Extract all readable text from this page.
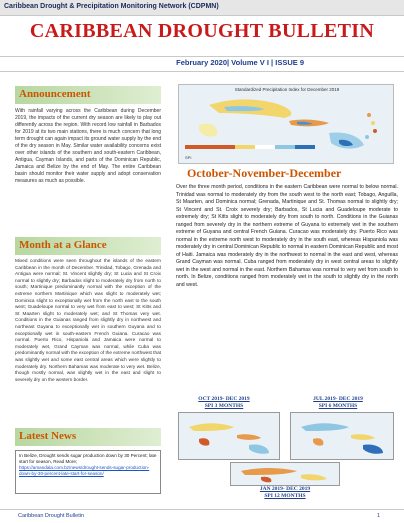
Caribbean Drought & Precipitation Monitoring Network (CDPMN)
CARIBBEAN DROUGHT BULLETIN
February 2020| Volume V I | ISSUE 9
Announcement
With rainfall varying across the Caribbean during December 2019, the impacts of the current dry season are likely to play out differently across the region. With record low rainfall in Barbados for 2019 at its two main stations, there is much concern that long term drought can again impact its ground water supply by the end of the dry season in May. Similar water availability concerns exist over other islands of the southern and south-eastern Caribbean, Antigua, Cayman Islands, and parts of the Dominican Republic, Jamaica and Belize by the end of May. The entire Caribbean basin should monitor their water supply and adopt conservation measures as much as possible.
Month at a Glance
Mixed conditions were seen throughout the islands of the eastern Caribbean in the month of December. Trinidad, Tobago, Grenada and Antigua were normal; St. Vincent slightly dry; St Lucia and St Croix normal to slightly dry; Barbados slight to moderately dry from north to south; Martinique predominantly normal with the exception of the extreme northern Martinique which was slight to moderately wet; Dominica slight to exceptionally wet from the north east to the south west; Guadeloupe normal to very wet from east to west; St Kitts and St Maarten slight to moderately wet; and St Thomas very wet. Conditions in the Guianas ranged from slightly dry in northwest and northeast Guyana to exceptionally wet in southern Guyana and to exceptionally wet in south-eastern French Guiana. Curacao was normal. Puerto Rico, Hispaniola and Jamaica were normal to moderately wet, Grand Cayman was normal, while Cuba was predominantly normal with the exception of the extreme northwest that was slightly wet and some east central areas which were slightly to moderately dry. Northern Bahamas was moderate to very wet. Belize, though mostly normal, was slightly wet in the east and slight to severely dry on the western border.
Latest News
In Belize, Drought sends sugar production down by 30 Percent; late start for season, Read More; https://amandala.com.bz/news/drought-sends-sugar-production-down-by-30-percent-late-start-for-season/
Standardized Precipitation Index for December 2019
SPI
October-November-December
Over the three month period, conditions in the eastern Caribbean were normal to below normal. Trinidad was normal to moderately dry from the south west to the north east; Tobago, Anguilla, St Maarten, and Dominica normal; Grenada, Martinique and St. Thomas normal to slightly dry; St Vincent and St. Croix severely dry; Barbados, St Lucia and Guadeloupe moderate to extremely dry; St Kitts slight to moderately dry from south to north. Conditions in the Guianas ranged from severely dry in the northern extreme of Guyana to extremely wet in the southern extreme of Guyana and central French Guiana. Curacao was moderately dry. Puerto Rico was normal in the extreme north west to moderately dry in the south east, whereas Hispaniola was moderately dry in central Dominican Republic to normal in eastern Dominican Republic and most of Haiti. Jamaica was moderately dry in the northwest to normal in the east and west, whereas Grand Cayman was normal. Cuba ranged from moderately dry in west central areas to slightly wet in the west and normal in the east. Northern Bahamas was normal to very wet from south to north. In Belize, conditions ranged from moderately wet in the south to slightly dry in the north and west.
OCT 2019- DEC 2019
SPI 3 MONTHS
JUL 2019- DEC 2019
SPI 6 MONTHS
JAN 2019- DEC 2019
SPI 12 MONTHS
Caribbean Drought Bulletin	1
